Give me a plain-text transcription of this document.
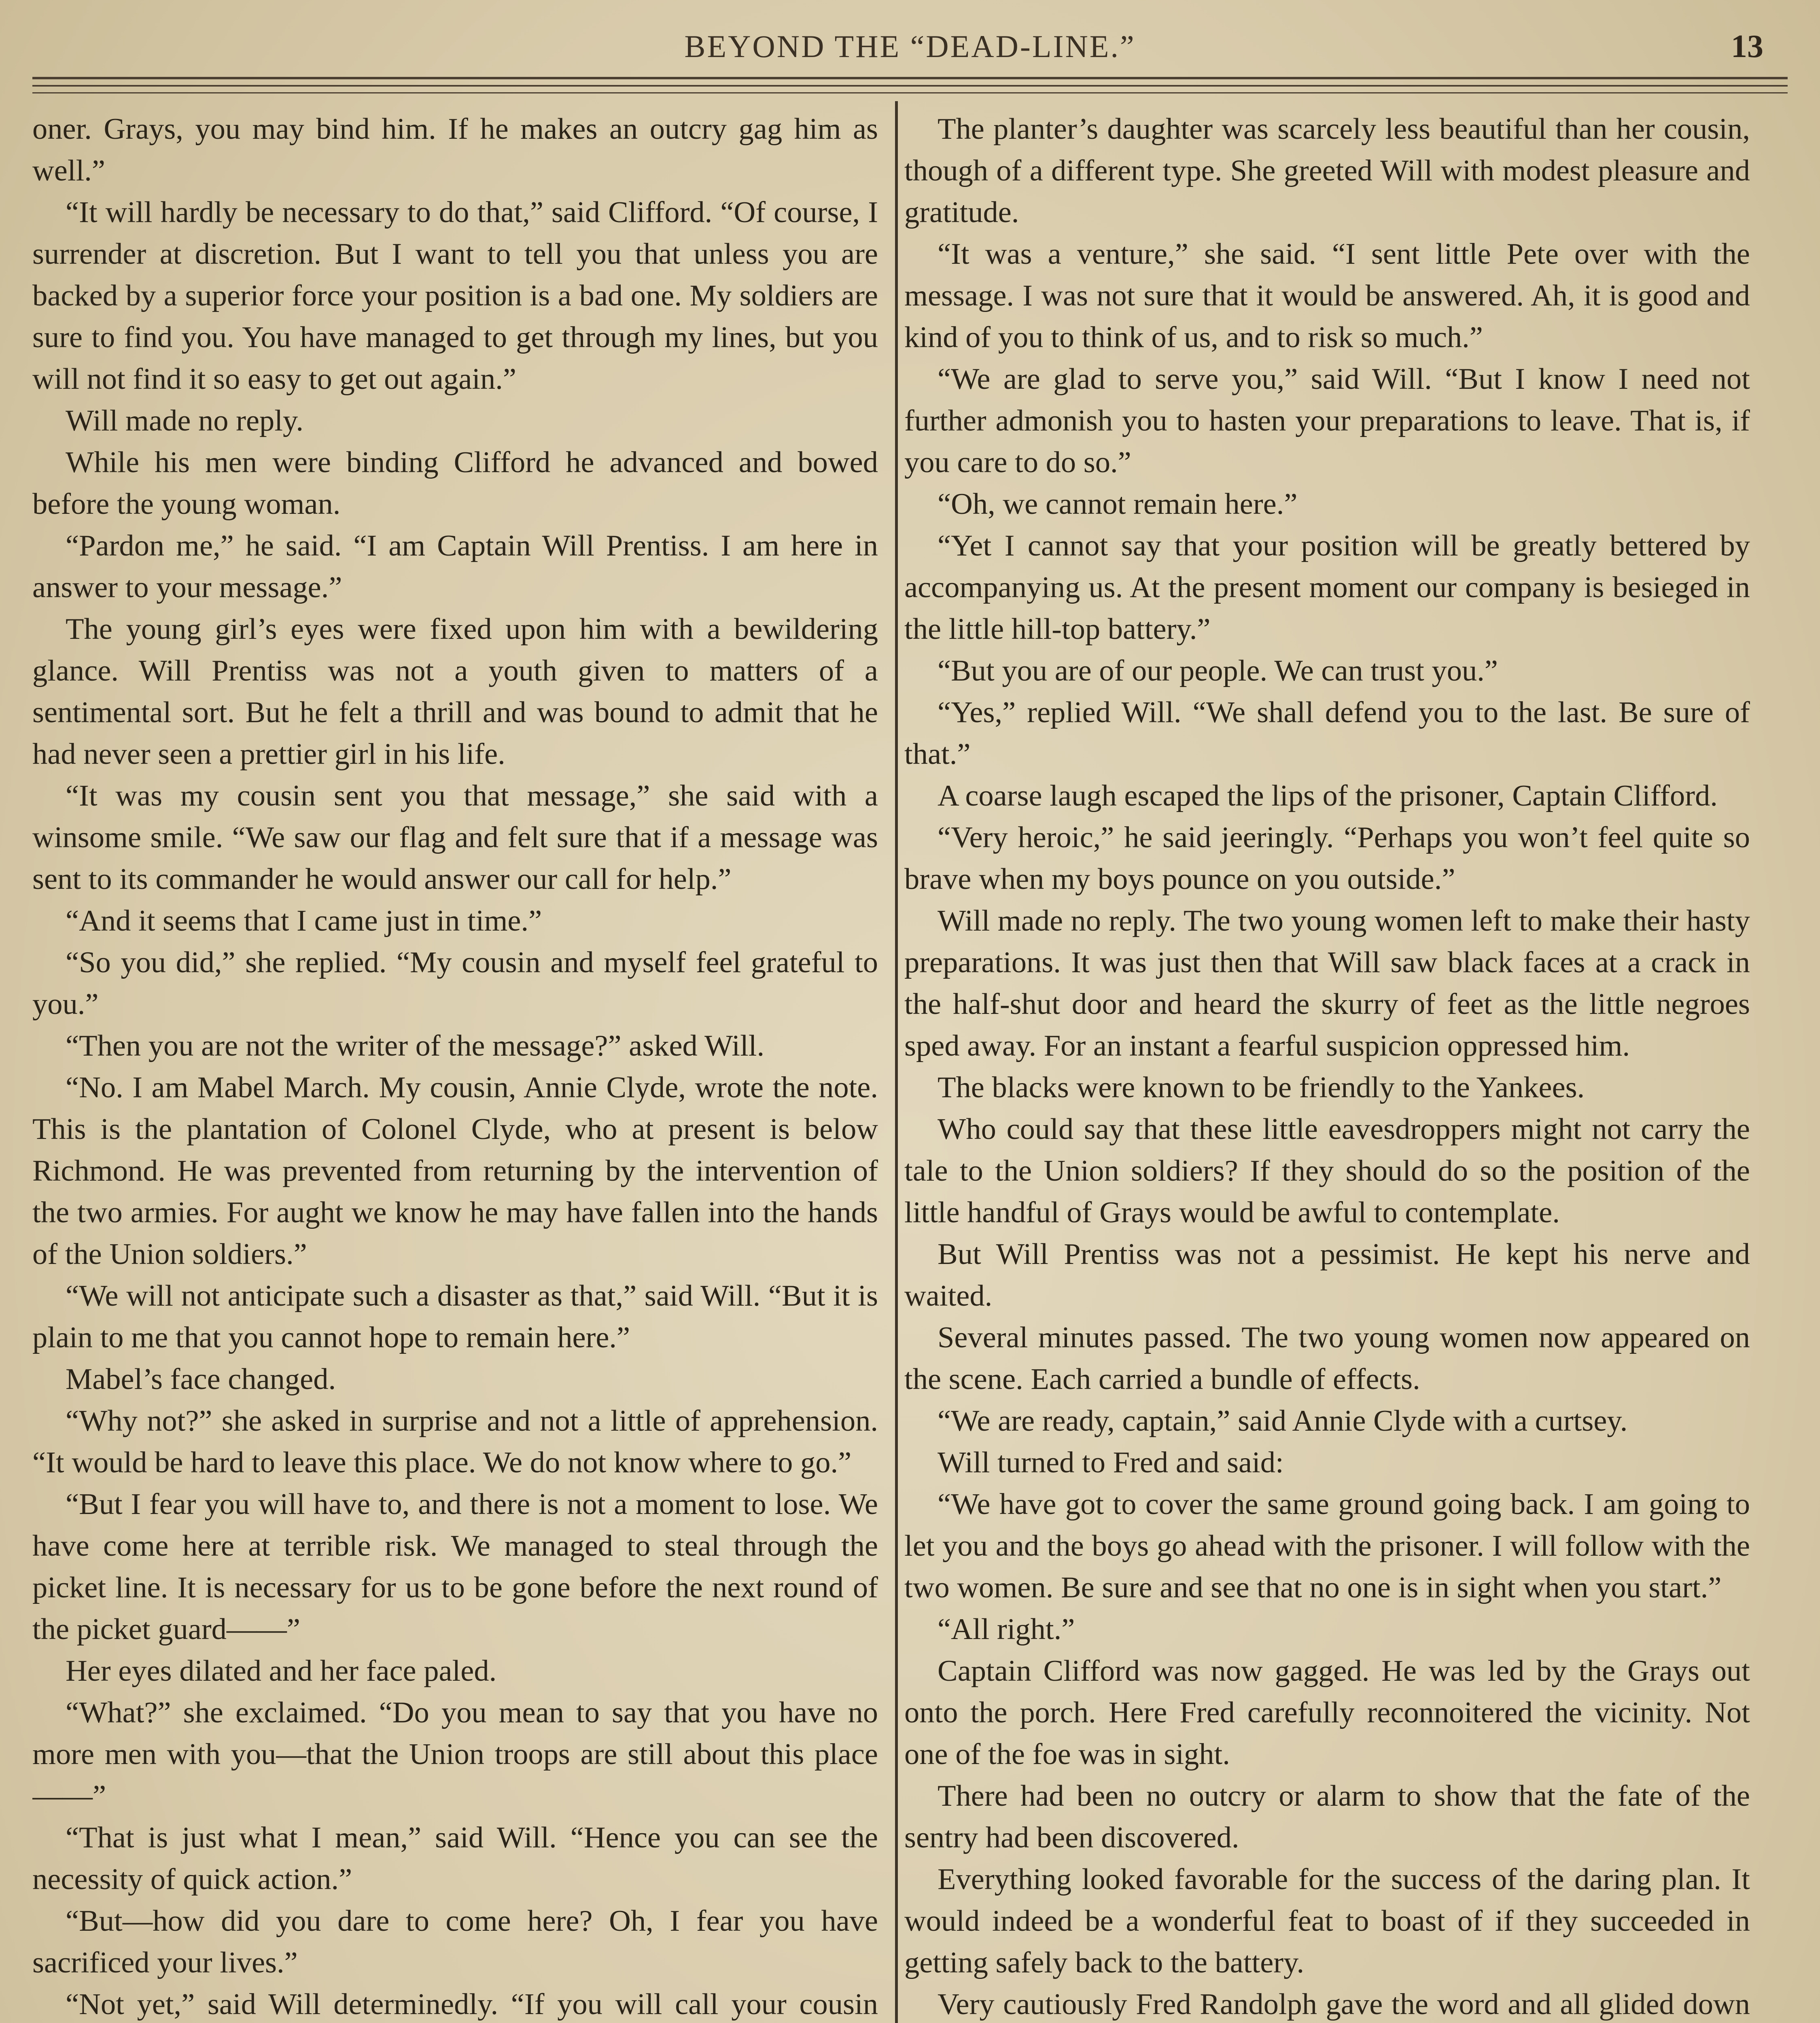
BEYOND THE “DEAD-LINE.”	13

oner. Grays, you may bind him. If he makes an outcry gag him as well.”

“It will hardly be necessary to do that,” said Clifford. “Of course, I surrender at discretion. But I want to tell you that unless you are backed by a superior force your position is a bad one. My soldiers are sure to find you. You have managed to get through my lines, but you will not find it so easy to get out again.”

Will made no reply.

While his men were binding Clifford he advanced and bowed before the young woman.

“Pardon me,” he said. “I am Captain Will Prentiss. I am here in answer to your message.”

The young girl’s eyes were fixed upon him with a bewildering glance. Will Prentiss was not a youth given to matters of a sentimental sort. But he felt a thrill and was bound to admit that he had never seen a prettier girl in his life.

“It was my cousin sent you that message,” she said with a winsome smile. “We saw our flag and felt sure that if a message was sent to its commander he would answer our call for help.”

“And it seems that I came just in time.”

“So you did,” she replied. “My cousin and myself feel grateful to you.”

“Then you are not the writer of the message?” asked Will.

“No. I am Mabel March. My cousin, Annie Clyde, wrote the note. This is the plantation of Colonel Clyde, who at present is below Richmond. He was prevented from returning by the intervention of the two armies. For aught we know he may have fallen into the hands of the Union soldiers.”

“We will not anticipate such a disaster as that,” said Will. “But it is plain to me that you cannot hope to remain here.”

Mabel’s face changed.

“Why not?” she asked in surprise and not a little of apprehension. “It would be hard to leave this place. We do not know where to go.”

“But I fear you will have to, and there is not a moment to lose. We have come here at terrible risk. We managed to steal through the picket line. It is necessary for us to be gone before the next round of the picket guard——”

Her eyes dilated and her face paled.

“What?” she exclaimed. “Do you mean to say that you have no more men with you—that the Union troops are still about this place——”

“That is just what I mean,” said Will. “Hence you can see the necessity of quick action.”

“But—how did you dare to come here? Oh, I fear you have sacrificed your lives.”

“Not yet,” said Will determinedly. “If you will call your cousin

The planter’s daughter was scarcely less beautiful than her cousin, though of a different type. She greeted Will with modest pleasure and gratitude.

“It was a venture,” she said. “I sent little Pete over with the message. I was not sure that it would be answered. Ah, it is good and kind of you to think of us, and to risk so much.”

“We are glad to serve you,” said Will. “But I know I need not further admonish you to hasten your preparations to leave. That is, if you care to do so.”

“Oh, we cannot remain here.”

“Yet I cannot say that your position will be greatly bettered by accompanying us. At the present moment our company is besieged in the little hill-top battery.”

“But you are of our people. We can trust you.”

“Yes,” replied Will. “We shall defend you to the last. Be sure of that.”

A coarse laugh escaped the lips of the prisoner, Captain Clifford.

“Very heroic,” he said jeeringly. “Perhaps you won’t feel quite so brave when my boys pounce on you outside.”

Will made no reply. The two young women left to make their hasty preparations. It was just then that Will saw black faces at a crack in the half-shut door and heard the skurry of feet as the little negroes sped away. For an instant a fearful suspicion oppressed him.

The blacks were known to be friendly to the Yankees.

Who could say that these little eavesdroppers might not carry the tale to the Union soldiers? If they should do so the position of the little handful of Grays would be awful to contemplate.

But Will Prentiss was not a pessimist. He kept his nerve and waited.

Several minutes passed. The two young women now appeared on the scene. Each carried a bundle of effects.

“We are ready, captain,” said Annie Clyde with a curtsey.

Will turned to Fred and said:

“We have got to cover the same ground going back. I am going to let you and the boys go ahead with the prisoner. I will follow with the two women. Be sure and see that no one is in sight when you start.”

“All right.”

Captain Clifford was now gagged. He was led by the Grays out onto the porch. Here Fred carefully reconnoitered the vicinity. Not one of the foe was in sight.

There had been no outcry or alarm to show that the fate of the sentry had been discovered.

Everything looked favorable for the success of the daring plan. It would indeed be a wonderful feat to boast of if they succeeded in getting safely back to the battery.

Very cautiously Fred Randolph gave the word and all glided down
